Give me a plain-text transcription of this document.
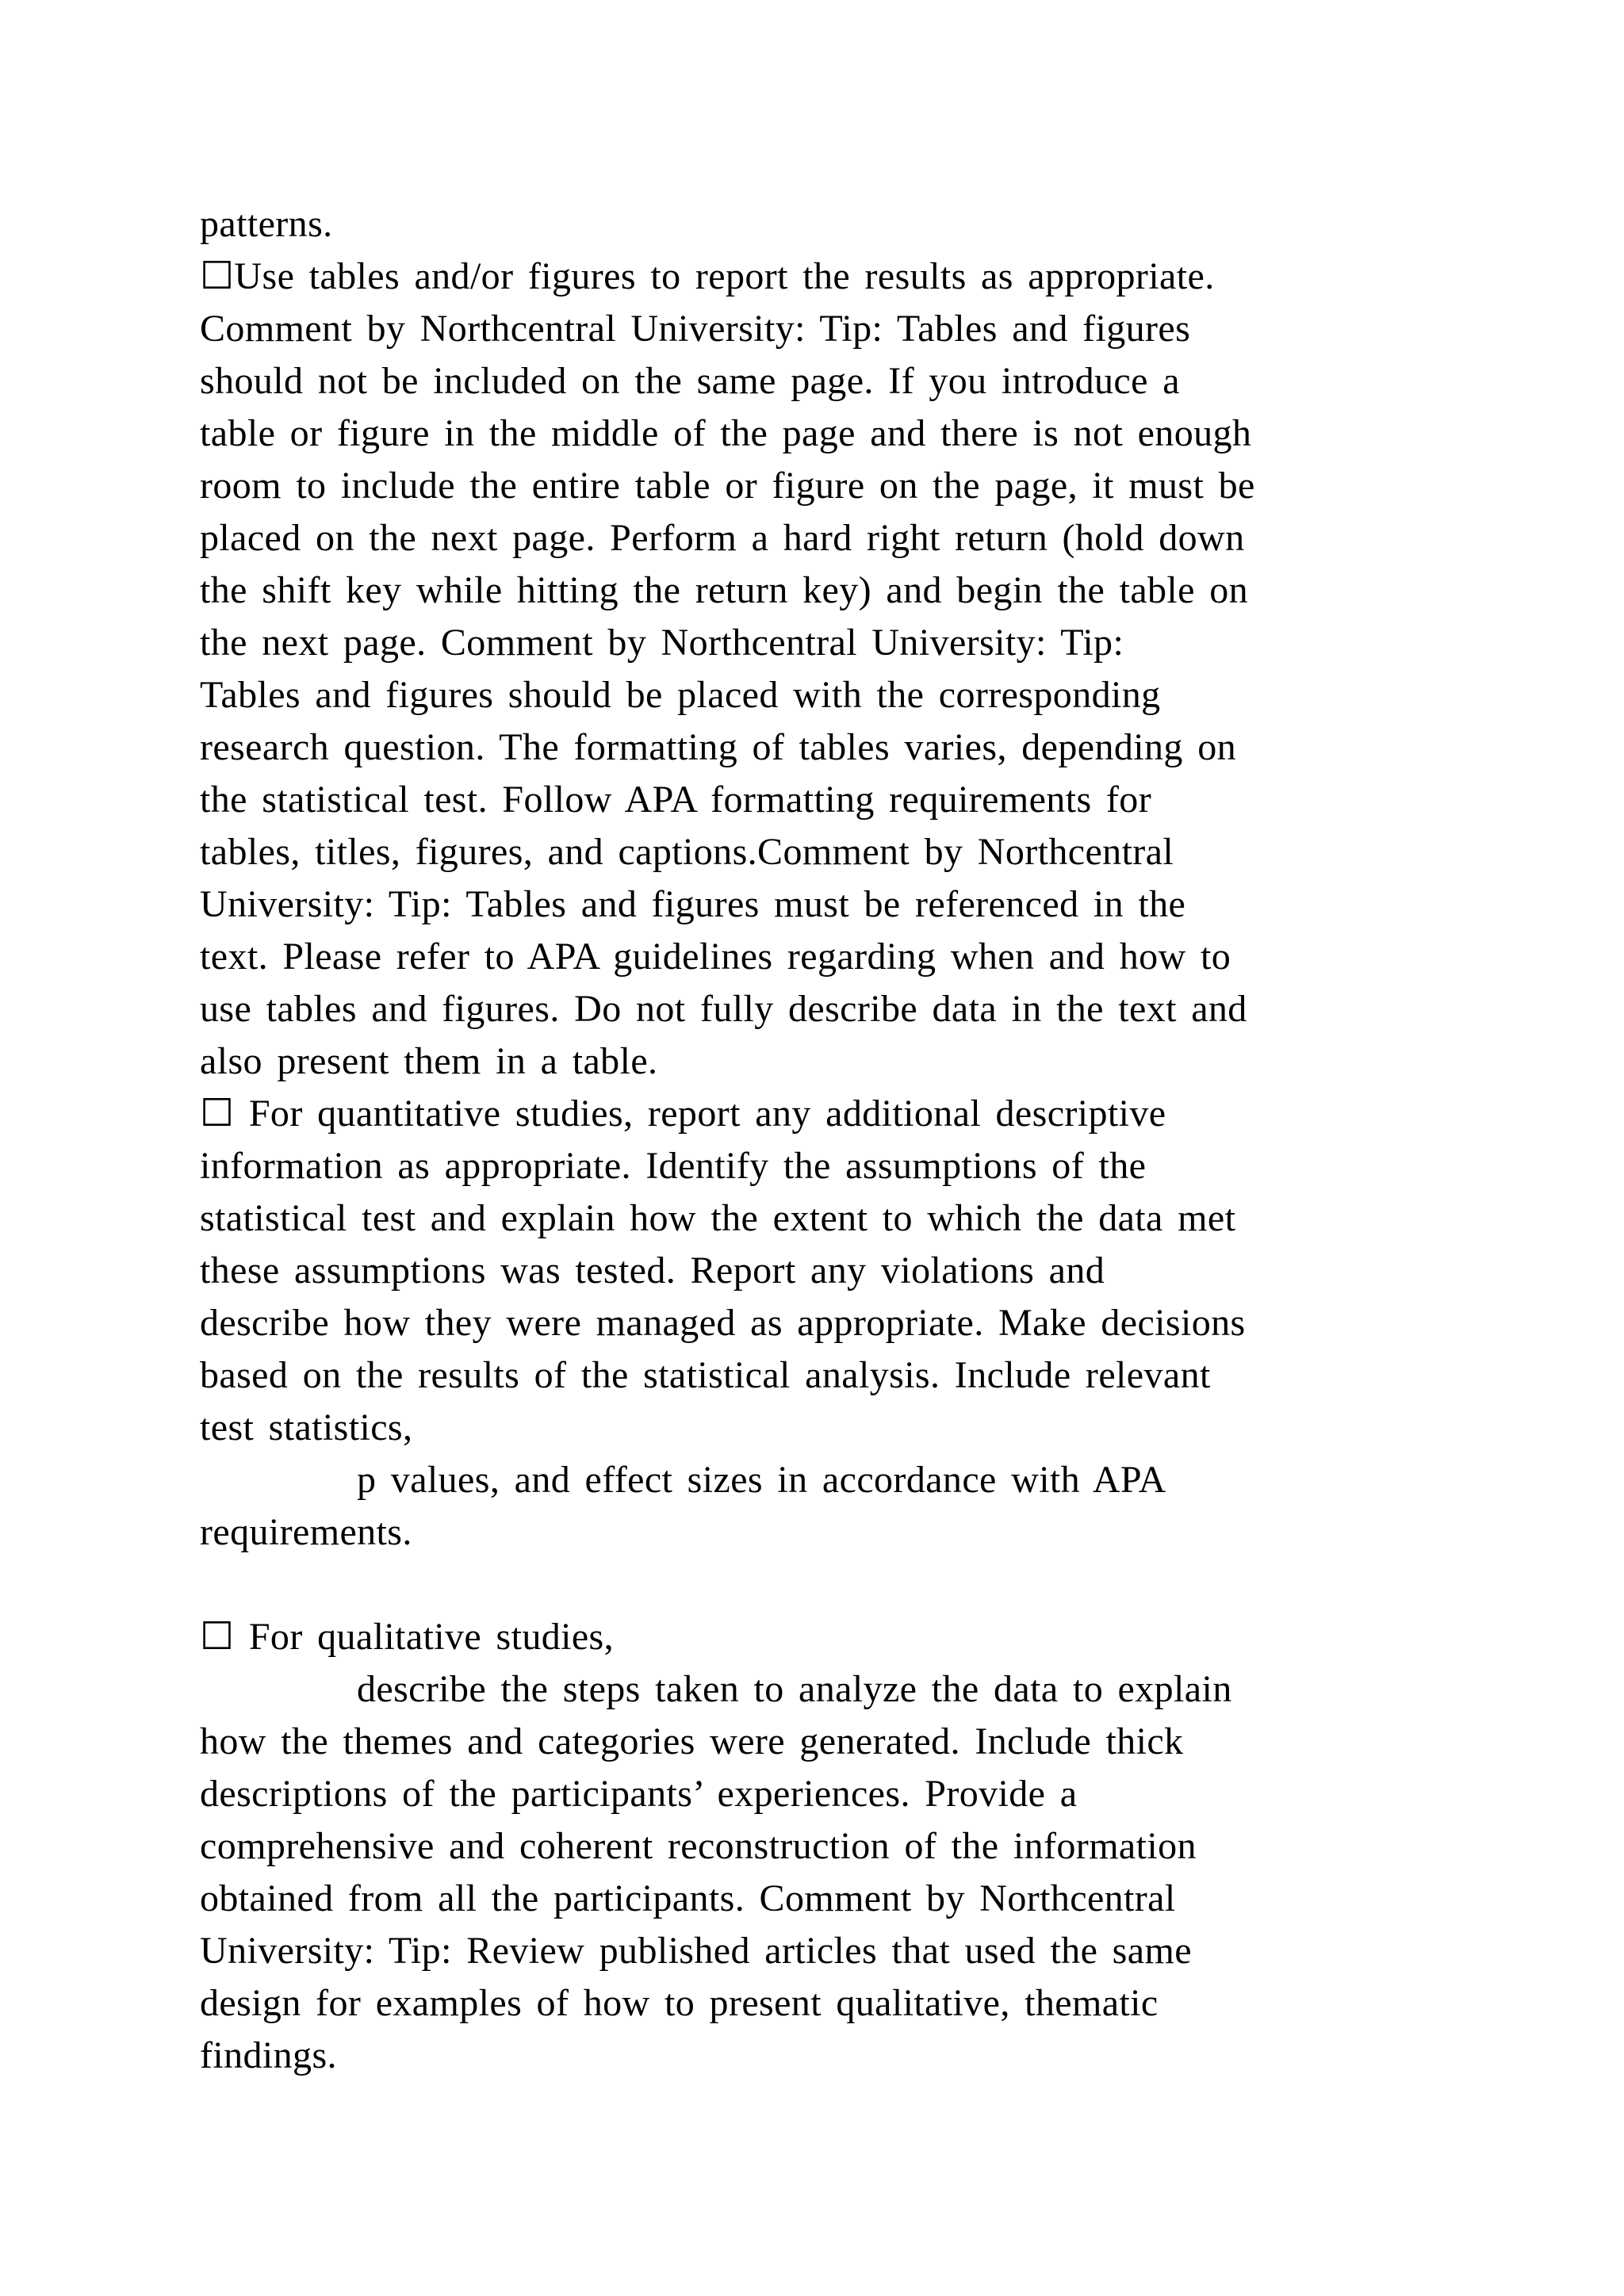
patterns.
☐Use tables and/or figures to report the results as appropriate.
Comment by Northcentral University: Tip: Tables and figures
should not be included on the same page. If you introduce a
table or figure in the middle of the page and there is not enough
room to include the entire table or figure on the page, it must be
placed on the next page. Perform a hard right return (hold down
the shift key while hitting the return key) and begin the table on
the next page. Comment by Northcentral University: Tip:
Tables and figures should be placed with the corresponding
research question. The formatting of tables varies, depending on
the statistical test. Follow APA formatting requirements for
tables, titles, figures, and captions.Comment by Northcentral
University: Tip: Tables and figures must be referenced in the
text. Please refer to APA guidelines regarding when and how to
use tables and figures. Do not fully describe data in the text and
also present them in a table.
☐ For quantitative studies, report any additional descriptive
information as appropriate. Identify the assumptions of the
statistical test and explain how the extent to which the data met
these assumptions was tested. Report any violations and
describe how they were managed as appropriate. Make decisions
based on the results of the statistical analysis. Include relevant
test statistics,
p values, and effect sizes in accordance with APA
requirements.
☐ For qualitative studies,
describe the steps taken to analyze the data to explain
how the themes and categories were generated. Include thick
descriptions of the participants’ experiences. Provide a
comprehensive and coherent reconstruction of the information
obtained from all the participants. Comment by Northcentral
University: Tip: Review published articles that used the same
design for examples of how to present qualitative, thematic
findings.
